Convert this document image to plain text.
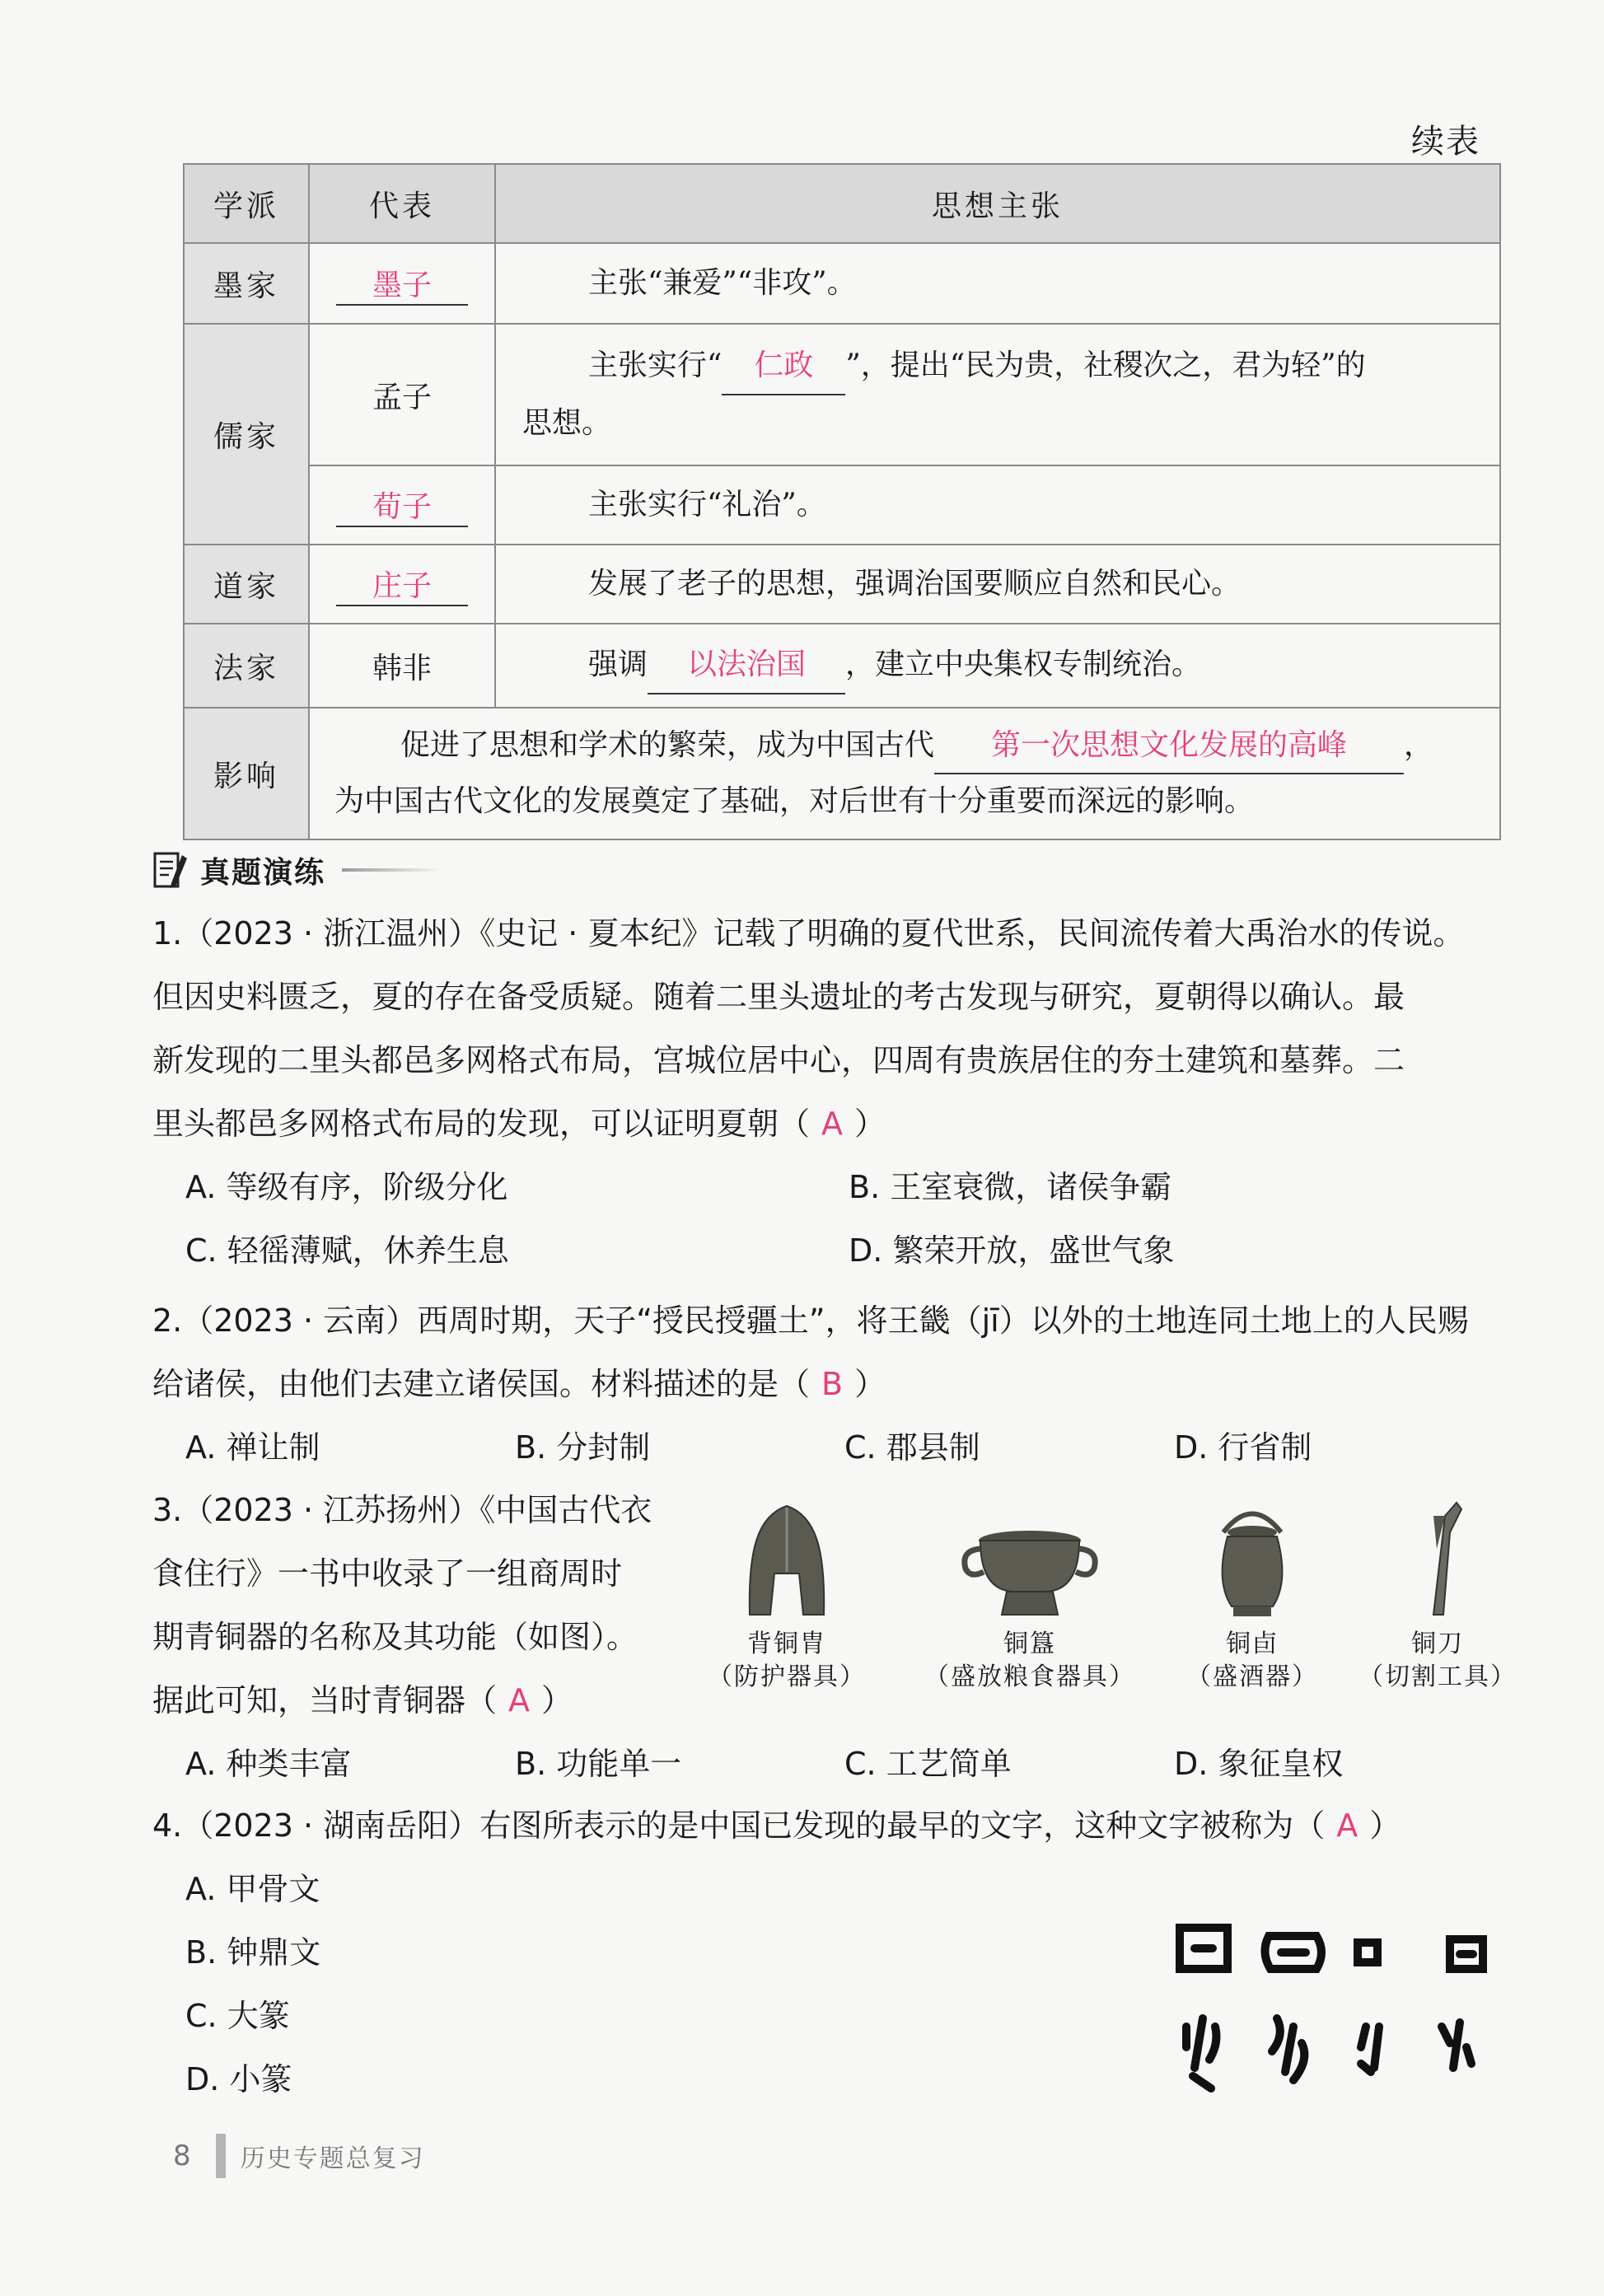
续表
学派	代表	思想主张
墨家	墨子	主张“兼爱”“非攻”。
儒家	孟子	主张实行“ 仁政 ”，提出“民为贵，社稷次之，君为轻”的
思想。

	荀子	主张实行“礼治”。
道家	庄子	发展了老子的思想，强调治国要顺应自然和民心。
法家	韩非	强调 以法治国 ，建立中央集权专制统治。
影响	促进了思想和学术的繁荣，成为中国古代 第一次思想文化发展的高峰 ，
为中国古代文化的发展奠定了基础，对后世有十分重要而深远的影响。	
真题演练
1.（2023 · 浙江温州）《史记 · 夏本纪》记载了明确的夏代世系，民间流传着大禹治水的传说。
但因史料匮乏，夏的存在备受质疑。随着二里头遗址的考古发现与研究，夏朝得以确认。最
新发现的二里头都邑多网格式布局，宫城位居中心，四周有贵族居住的夯土建筑和墓葬。二
里头都邑多网格式布局的发现，可以证明夏朝（ A ）
A. 等级有序，阶级分化	B. 王室衰微，诸侯争霸
C. 轻徭薄赋，休养生息	D. 繁荣开放，盛世气象
2.（2023 · 云南）西周时期，天子“授民授疆土”，将王畿（jī）以外的土地连同土地上的人民赐
给诸侯，由他们去建立诸侯国。材料描述的是（ B ）
A. 禅让制	B. 分封制	C. 郡县制	D. 行省制
3.（2023 · 江苏扬州）《中国古代衣
食住行》一书中收录了一组商周时
期青铜器的名称及其功能（如图）。
据此可知，当时青铜器（ A ）
A. 种类丰富	B. 功能单一	C. 工艺简单	D. 象征皇权
背铜胄
（防护器具）
铜簋
（盛放粮食器具）
铜卣
（盛酒器）
铜刀
（切割工具）
4.（2023 · 湖南岳阳）右图所表示的是中国已发现的最早的文字，这种文字被称为（ A ）
A. 甲骨文
B. 钟鼎文
C. 大篆
D. 小篆
8 历史专题总复习
